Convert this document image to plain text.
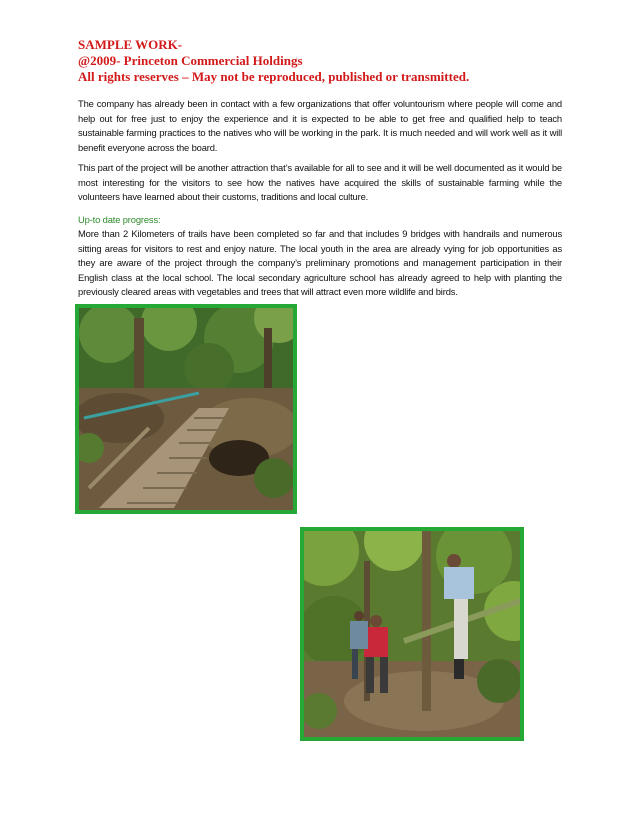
SAMPLE WORK-
@2009- Princeton Commercial Holdings
All rights reserves – May not be reproduced, published or transmitted.
The company has already been in contact with a few organizations that offer voluntourism where people will come and help out for free just to enjoy the experience and it is expected to be able to get free and qualified help to teach sustainable farming practices to the natives who will be working in the park. It is much needed and will work well as it will benefit everyone across the board.
This part of the project will be another attraction that’s available for all to see and it will be well documented as it would be most interesting for the visitors to see how the natives have acquired the skills of sustainable farming while the volunteers have learned about their customs, traditions and local culture.
Up-to date progress:
More than 2 Kilometers of trails have been completed so far and that includes 9 bridges with handrails and numerous sitting areas for visitors to rest and enjoy nature. The local youth in the area are already vying for job opportunities as they are aware of the project through the company’s preliminary promotions and management participation in their English class at the local school. The local secondary agriculture school has already agreed to help with planting the previously cleared areas with vegetables and trees that will attract even more wildlife and birds.
